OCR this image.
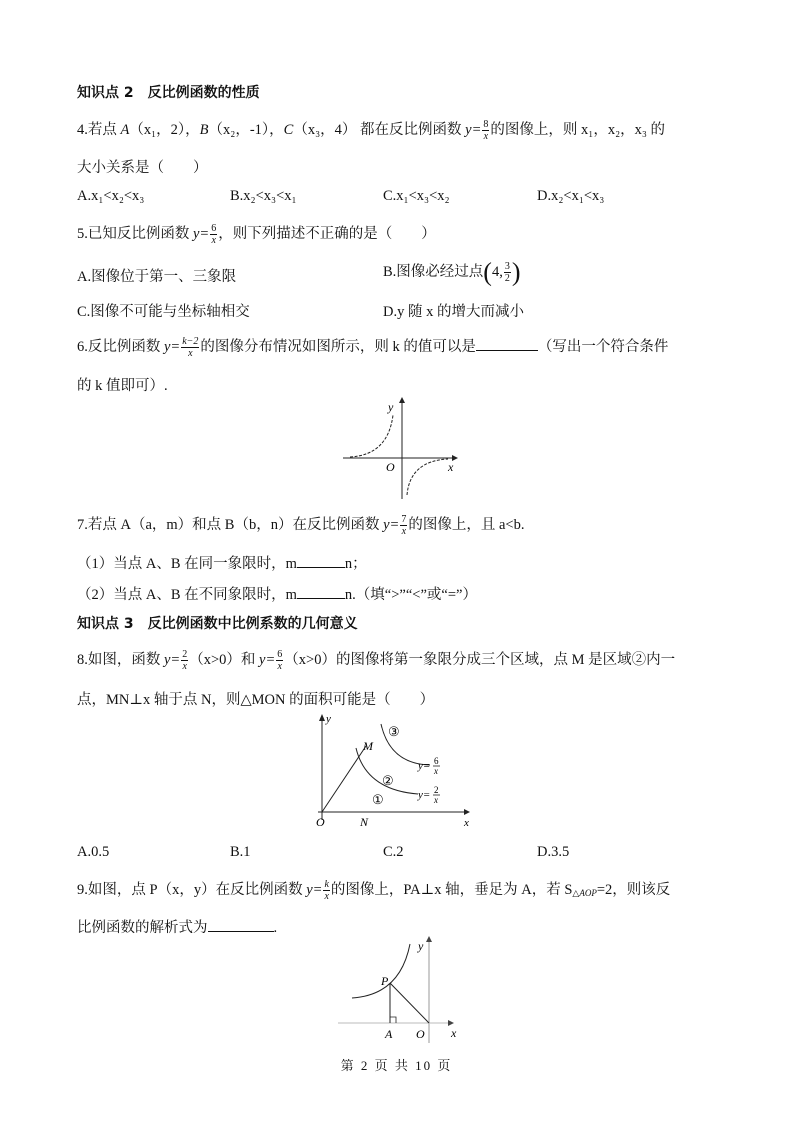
知识点 2　反比例函数的性质
4.若点 A（x₁，2），B（x₂，-1），C（x₃，4） 都在反比例函数 $y= \frac{8}{x}$ 的图像上，则 x₁，x₂，x₃ 的
大小关系是（　　）
A.x₁<x₂<x₃	B.x₂<x₃<x₁	C.x₁<x₃<x₂	D.x₂<x₁<x₃
5.已知反比例函数 $y= \frac{6}{x}$ ，则下列描述不正确的是（　　）
A.图像位于第一、三象限	B.图像必经过点(4, $\frac{3}{2}$ )
C.图像不可能与坐标轴相交	D.y 随 x 的增大而减小
6.反比例函数 $y= \frac{k-2}{x}$ 的图像分布情况如图所示，则 k 的值可以是	（写出一个符合条件
的 k 值即可）.
y
x
O
7.若点 A（a，m）和点 B（b，n）在反比例函数 $y= \frac{7}{x}$ 的图像上，且 a<b.
（1）当点 A、B 在同一象限时，m	n；
（2）当点 A、B 在不同象限时，m	n.（填“>”“<”或“=”）
知识点 3　反比例函数中比例系数的几何意义
8.如图，函数 $y= \frac{2}{x} (x>0)$和 $y= \frac{6}{x} (x>0)$的图像将第一象限分成三个区域，点 M 是区域②内一
点，MN⊥x 轴于点 N，则△MON 的面积可能是（　　）
M
y
x
O	N
③
②
①
y= 6
x
y= 2
x
A.0.5	B.1	C.2	D.3.5
9.如图，点 P（x，y）在反比例函数 $y= \frac{k}{x}$ 的图像上，PA⊥x 轴，垂足为 A，若 $S_{\triangle AOP}=2$，则该反
比例函数的解析式为	.
P
A O
y
x
第 2 页 共 10 页
